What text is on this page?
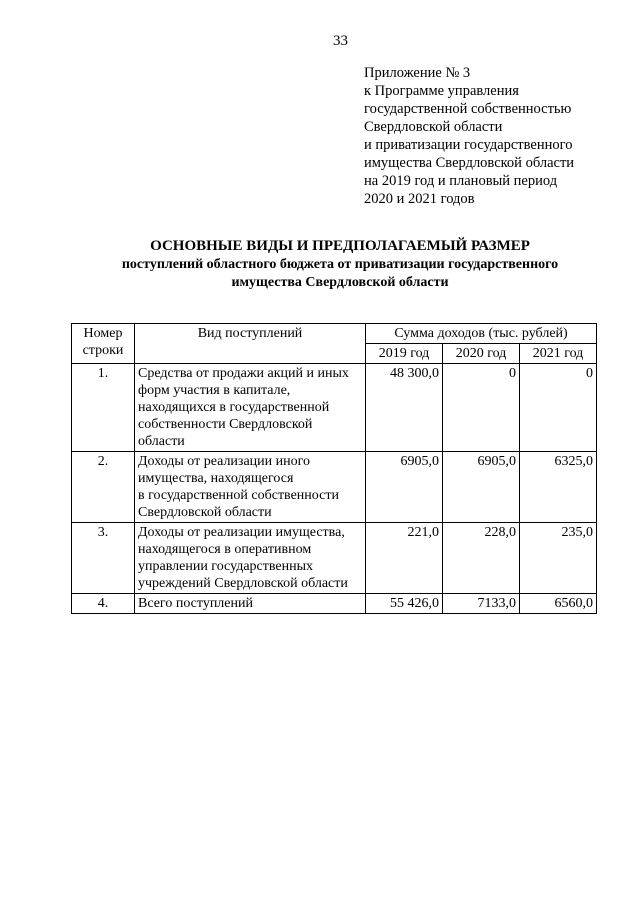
33
Приложение № 3
к Программе управления
государственной собственностью
Свердловской области
и приватизации государственного
имущества Свердловской области
на 2019 год и плановый период
2020 и 2021 годов
ОСНОВНЫЕ ВИДЫ И ПРЕДПОЛАГАЕМЫЙ РАЗМЕР
поступлений областного бюджета от приватизации государственного
имущества Свердловской области
Номер
строки	Вид поступлений	Сумма доходов (тыс. рублей)		
		2019 год	2020 год	2021 год
1.	Средства от продажи акций и иных
форм участия в капитале,
находящихся в государственной
собственности Свердловской
области	48 300,0	0	0
2.	Доходы от реализации иного
имущества, находящегося
в государственной собственности
Свердловской области	6905,0	6905,0	6325,0
3.	Доходы от реализации имущества,
находящегося в оперативном
управлении государственных
учреждений Свердловской области	221,0	228,0	235,0
4.	Всего поступлений	55 426,0	7133,0	6560,0
